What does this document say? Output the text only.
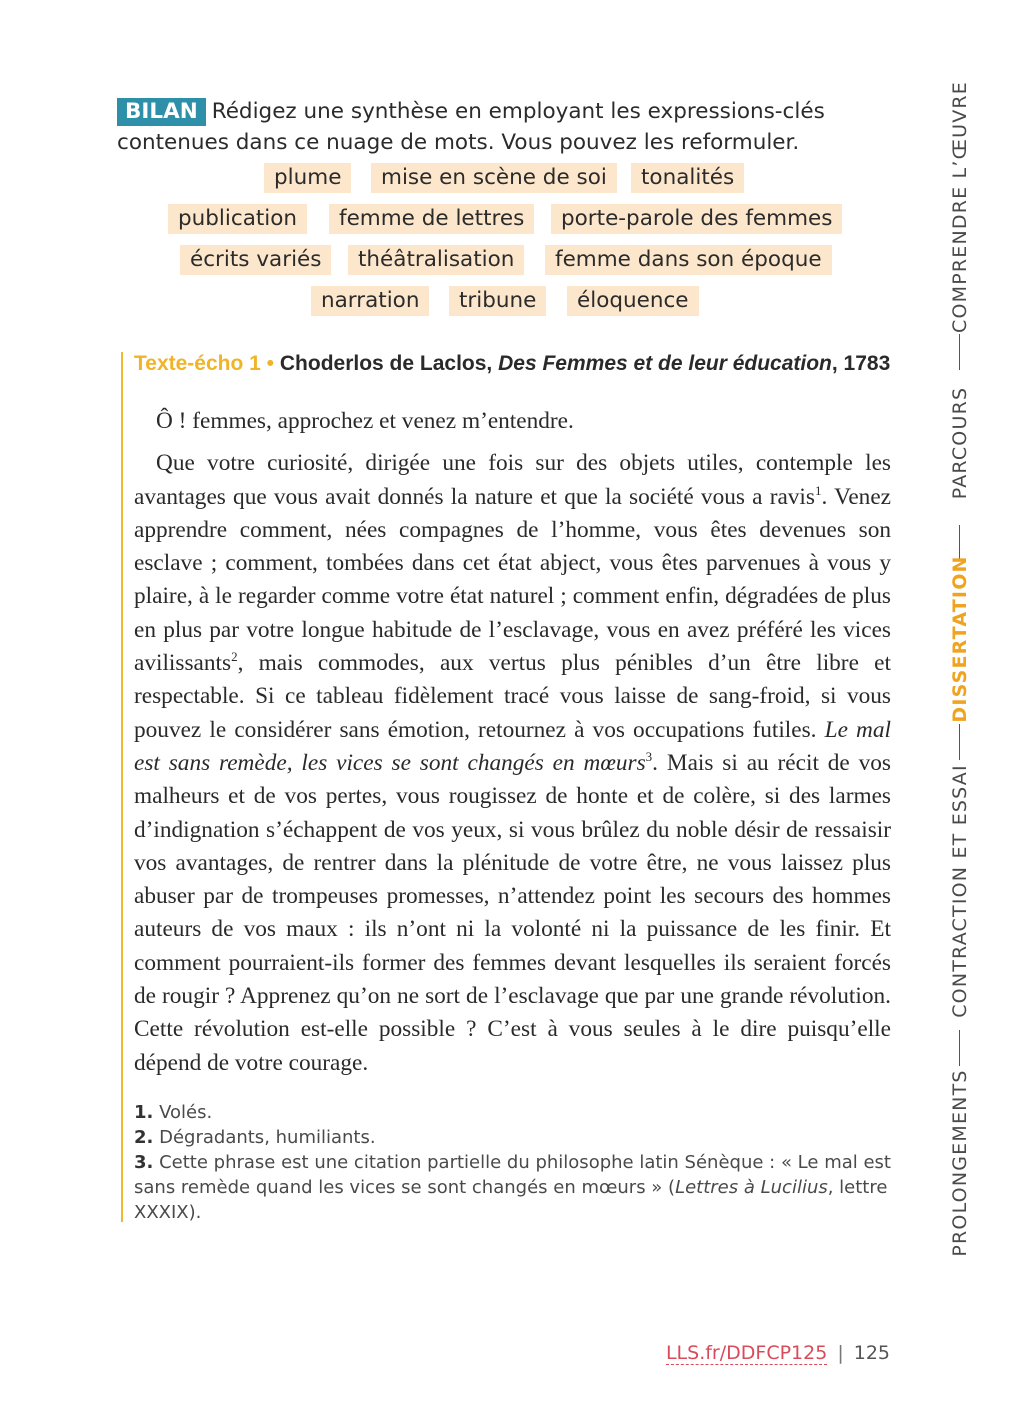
BILAN Rédigez une synthèse en employant les expressions-clés contenues dans ce nuage de mots. Vous pouvez les reformuler.
plume	mise en scène de soi	tonalités
publication	femme de lettres	porte-parole des femmes
écrits variés	théâtralisation	femme dans son époque
narration	tribune	éloquence
Texte-écho 1 • Choderlos de Laclos, Des Femmes et de leur éducation, 1783

Ô ! femmes, approchez et venez m’entendre.

Que votre curiosité, dirigée une fois sur des objets utiles, contemple les avantages que vous avait donnés la nature et que la société vous a ravis$^1$. Venez apprendre comment, nées compagnes de l’homme, vous êtes devenues son esclave ; comment, tombées dans cet état abject, vous êtes parvenues à vous y plaire, à le regarder comme votre état naturel ; comment enfin, dégradées de plus en plus par votre longue habitude de l’esclavage, vous en avez préféré les vices avilissants$^2$, mais commodes, aux vertus plus pénibles d’un être libre et respectable. Si ce tableau fidèlement tracé vous laisse de sang-froid, si vous pouvez le considérer sans émotion, retournez à vos occupations futiles. Le mal est sans remède, les vices se sont changés en mœurs$^3$. Mais si au récit de vos malheurs et de vos pertes, vous rougissez de honte et de colère, si des larmes d’indignation s’échappent de vos yeux, si vous brûlez du noble désir de ressaisir vos avantages, de rentrer dans la plénitude de votre être, ne vous laissez plus abuser par de trompeuses promesses, n’attendez point les secours des hommes auteurs de vos maux : ils n’ont ni la volonté ni la puissance de les finir. Et comment pourraient-ils former des femmes devant lesquelles ils seraient forcés de rougir ? Apprenez qu’on ne sort de l’esclavage que par une grande révolution. Cette révolution est-elle possible ? C’est à vous seules à le dire puisqu’elle dépend de votre courage.

1. Volés.

2. Dégradants, humiliants.

3. Cette phrase est une citation partielle du philosophe latin Sénèque : « Le mal est sans remède quand les vices se sont changés en mœurs » (Lettres à Lucilius, lettre XXXIX).

COMPRENDRE L’ŒUVRE
PARCOURS
DISSERTATION
CONTRACTION ET ESSAI
PROLONGEMENTS
LLS.fr/DDFCP125 | 125
